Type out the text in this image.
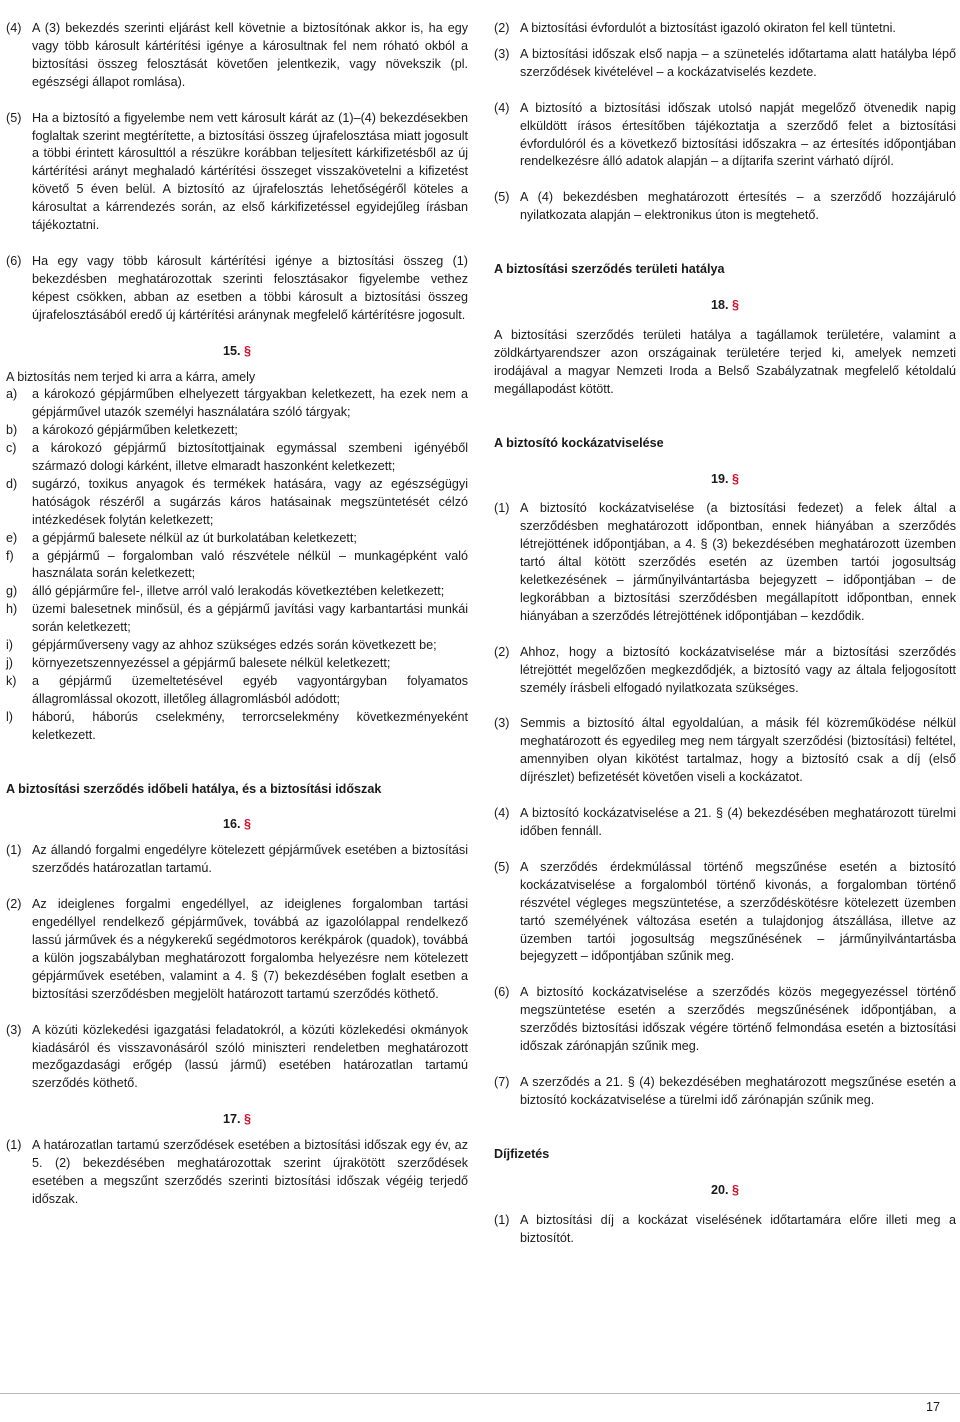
(4) A (3) bekezdés szerinti eljárást kell követnie a biztosítónak akkor is, ha egy vagy több károsult kártérítési igénye a károsultnak fel nem róható okból a biztosítási összeg felosztását követően jelentkezik, vagy növekszik (pl. egészségi állapot romlása).
(5) Ha a biztosító a figyelembe nem vett károsult kárát az (1)–(4) bekezdésekben foglaltak szerint megtérítette, a biztosítási összeg újrafelosztása miatt jogosult a többi érintett károsulttól a részükre korábban teljesített kárkifizetésből az új kártérítési arányt meghaladó kártérítési összeget visszakövetelni a kifizetést követő 5 éven belül. A biztosító az újrafelosztás lehetőségéről köteles a károsultat a kárrendezés során, az első kárkifizetéssel egyidejűleg írásban tájékoztatni.
(6) Ha egy vagy több károsult kártérítési igénye a biztosítási összeg (1) bekezdésben meghatározottak szerinti felosztásakor figyelembe vethez képest csökken, abban az esetben a többi károsult a biztosítási összeg újrafelosztásából eredő új kártérítési aránynak megfelelő kártérítésre jogosult.
15. §

A biztosítás nem terjed ki arra a kárra, amely

a)	a károkozó gépjárműben elhelyezett tárgyakban keletkezett, ha ezek nem a gépjárművel utazók személyi használatára szóló tárgyak;
b)	a károkozó gépjárműben keletkezett;
c)	a károkozó gépjármű biztosítottjainak egymással szembeni igényéből származó dologi kárként, illetve elmaradt haszonként keletkezett;
d)	sugárzó, toxikus anyagok és termékek hatására, vagy az egészségügyi hatóságok részéről a sugárzás káros hatásainak megszüntetését célzó intézkedések folytán keletkezett;
e)	a gépjármű balesete nélkül az út burkolatában keletkezett;
f)	a gépjármű – forgalomban való részvétele nélkül – munkagépként való használata során keletkezett;
g)	álló gépjárműre fel-, illetve arról való lerakodás következtében keletkezett;
h)	üzemi balesetnek minősül, és a gépjármű javítási vagy karbantartási munkái során keletkezett;
i)	gépjárműverseny vagy az ahhoz szükséges edzés során következett be;
j)	környezetszennyezéssel a gépjármű balesete nélkül keletkezett;
k)	a gépjármű üzemeltetésével egyéb vagyontárgyban folyamatos állagromlással okozott, illetőleg állagromlásból adódott;
l)	háború, háborús cselekmény, terrorcselekmény következményeként keletkezett.
A biztosítási szerződés időbeli hatálya, és a biztosítási időszak
16. §
(1) Az állandó forgalmi engedélyre kötelezett gépjárművek esetében a biztosítási szerződés határozatlan tartamú.
(2) Az ideiglenes forgalmi engedéllyel, az ideiglenes forgalomban tartási engedéllyel rendelkező gépjárművek, továbbá az igazolólappal rendelkező lassú járművek és a négykerekű segédmotoros kerékpárok (quadok), továbbá a külön jogszabályban meghatározott forgalomba helyezésre nem kötelezett gépjárművek esetében, valamint a 4. § (7) bekezdésében foglalt esetben a biztosítási szerződésben megjelölt határozott tartamú szerződés köthető.
(3) A közúti közlekedési igazgatási feladatokról, a közúti közlekedési okmányok kiadásáról és visszavonásáról szóló miniszteri rendeletben meghatározott mezőgazdasági erőgép (lassú jármű) esetében határozatlan tartamú szerződés köthető.
17. §
(1) A határozatlan tartamú szerződések esetében a biztosítási időszak egy év, az 5. (2) bekezdésében meghatározottak szerint újrakötött szerződések esetében a megszűnt szerződés szerinti biztosítási időszak végéig terjedő időszak.
(2) A biztosítási évfordulót a biztosítást igazoló okiraton fel kell tüntetni.
(3) A biztosítási időszak első napja – a szünetelés időtartama alatt hatályba lépő szerződések kivételével – a kockázatviselés kezdete.
(4) A biztosító a biztosítási időszak utolsó napját megelőző ötvenedik napig elküldött írásos értesítőben tájékoztatja a szerződő felet a biztosítási évfordulóról és a következő biztosítási időszakra – az értesítés időpontjában rendelkezésre álló adatok alapján – a díjtarifa szerint várható díjról.
(5) A (4) bekezdésben meghatározott értesítés – a szerződő hozzájáruló nyilatkozata alapján – elektronikus úton is megtehető.
A biztosítási szerződés területi hatálya
18. §

A biztosítási szerződés területi hatálya a tagállamok területére, valamint a zöldkártyarendszer azon országainak területére terjed ki, amelyek nemzeti irodájával a magyar Nemzeti Iroda a Belső Szabályzatnak megfelelő kétoldalú megállapodást kötött.

A biztosító kockázatviselése
19. §
(1) A biztosító kockázatviselése (a biztosítási fedezet) a felek által a szerződésben meghatározott időpontban, ennek hiányában a szerződés létrejöttének időpontjában, a 4. § (3) bekezdésében meghatározott üzemben tartó által kötött szerződés esetén az üzemben tartói jogosultság keletkezésének – járműnyilvántartásba bejegyzett – időpontjában – de legkorábban a biztosítási szerződésben megállapított időpontban, ennek hiányában a szerződés létrejöttének időpontjában – kezdődik.
(2) Ahhoz, hogy a biztosító kockázatviselése már a biztosítási szerződés létrejöttét megelőzően megkezdődjék, a biztosító vagy az általa feljogosított személy írásbeli elfogadó nyilatkozata szükséges.
(3) Semmis a biztosító által egyoldalúan, a másik fél közreműködése nélkül meghatározott és egyedileg meg nem tárgyalt szerződési (biztosítási) feltétel, amennyiben olyan kikötést tartalmaz, hogy a biztosító csak a díj (első díjrészlet) befizetését követően viseli a kockázatot.
(4) A biztosító kockázatviselése a 21. § (4) bekezdésében meghatározott türelmi időben fennáll.
(5) A szerződés érdekmúlással történő megszűnése esetén a biztosító kockázatviselése a forgalomból történő kivonás, a forgalomban történő részvétel végleges megszüntetése, a szerződéskötésre kötelezett üzemben tartó személyének változása esetén a tulajdonjog átszállása, illetve az üzemben tartói jogosultság megszűnésének – járműnyilvántartásba bejegyzett – időpontjában szűnik meg.
(6) A biztosító kockázatviselése a szerződés közös megegyezéssel történő megszüntetése esetén a szerződés megszűnésének időpontjában, a szerződés biztosítási időszak végére történő felmondása esetén a biztosítási időszak zárónapján szűnik meg.
(7) A szerződés a 21. § (4) bekezdésében meghatározott megszűnése esetén a biztosító kockázatviselése a türelmi idő zárónapján szűnik meg.
Díjfizetés
20. §
(1) A biztosítási díj a kockázat viselésének időtartamára előre illeti meg a biztosítót.
17
